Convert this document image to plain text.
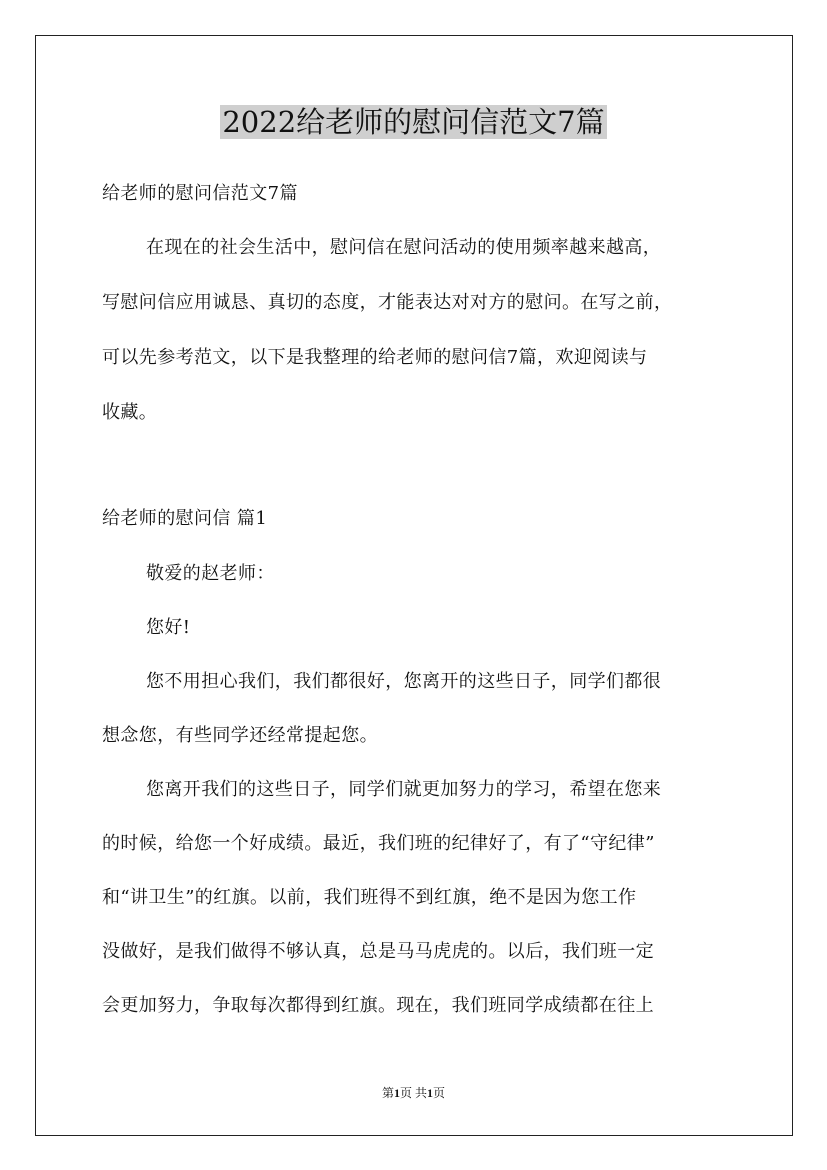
2022给老师的慰问信范文7篇
给老师的慰问信范文7篇
在现在的社会生活中，慰问信在慰问活动的使用频率越来越高，
写慰问信应用诚恳、真切的态度，才能表达对对方的慰问。在写之前，
可以先参考范文，以下是我整理的给老师的慰问信7篇，欢迎阅读与
收藏。
给老师的慰问信 篇1
敬爱的赵老师：
您好!
您不用担心我们，我们都很好，您离开的这些日子，同学们都很
想念您，有些同学还经常提起您。
您离开我们的这些日子，同学们就更加努力的学习，希望在您来
的时候，给您一个好成绩。最近，我们班的纪律好了，有了“守纪律”
和“讲卫生”的红旗。以前，我们班得不到红旗，绝不是因为您工作
没做好，是我们做得不够认真，总是马马虎虎的。以后，我们班一定
会更加努力，争取每次都得到红旗。现在，我们班同学成绩都在往上
第1页 共1页
